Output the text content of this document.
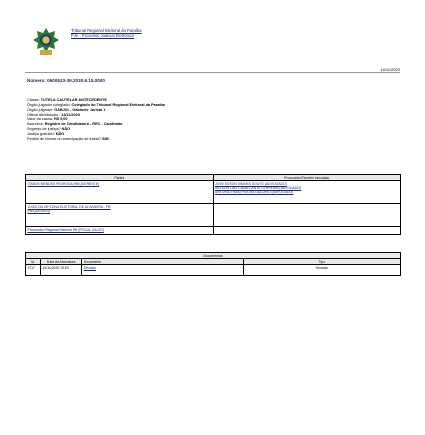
Tribunal Regional Eleitoral da Paraíba
PJe - Processo Judicial Eletrônico
14/11/2020
Número: 0600523-39.2020.6.15.0000
Classe: TUTELA CAUTELAR ANTECEDENTE
Órgão julgador colegiado: Colegiado do Tribunal Regional Eleitoral da Paraíba
Órgão julgador: GABJ01 - Gabinete Jurista 1
Última distribuição : 14/11/2020
Valor da causa: R$ 0,00
Assuntos: Registro de Candidatura - RRC - Candidato
Segredo de justiça? NÃO
Justiça gratuita? NÃO
Pedido de liminar ou antecipação de tutela? SIM
Partes	Procurador/Terceiro vinculado
ITABOS MENDES PEDROSA (REQUERENTE)	JOSE EDSON SIMOES SOUTO (ADVOGADO)
NELSON LUIS CAVALCANTE FERREIRA (ADVOGADO)
ANTONIO FABIO ROCHA GALDINO (ADVOGADO)

JUIZO DA 28ª ZONA ELEITORAL DE ALHANDRA - PB
(REQUERIDO)	

Procurador Regional Eleitoral PB (FISCAL DA LEI)	
Documentos			
Id.	Data da Assinatura	Documento	Tipo
2717	14/11/2020 19:53	Decisão	Decisão
